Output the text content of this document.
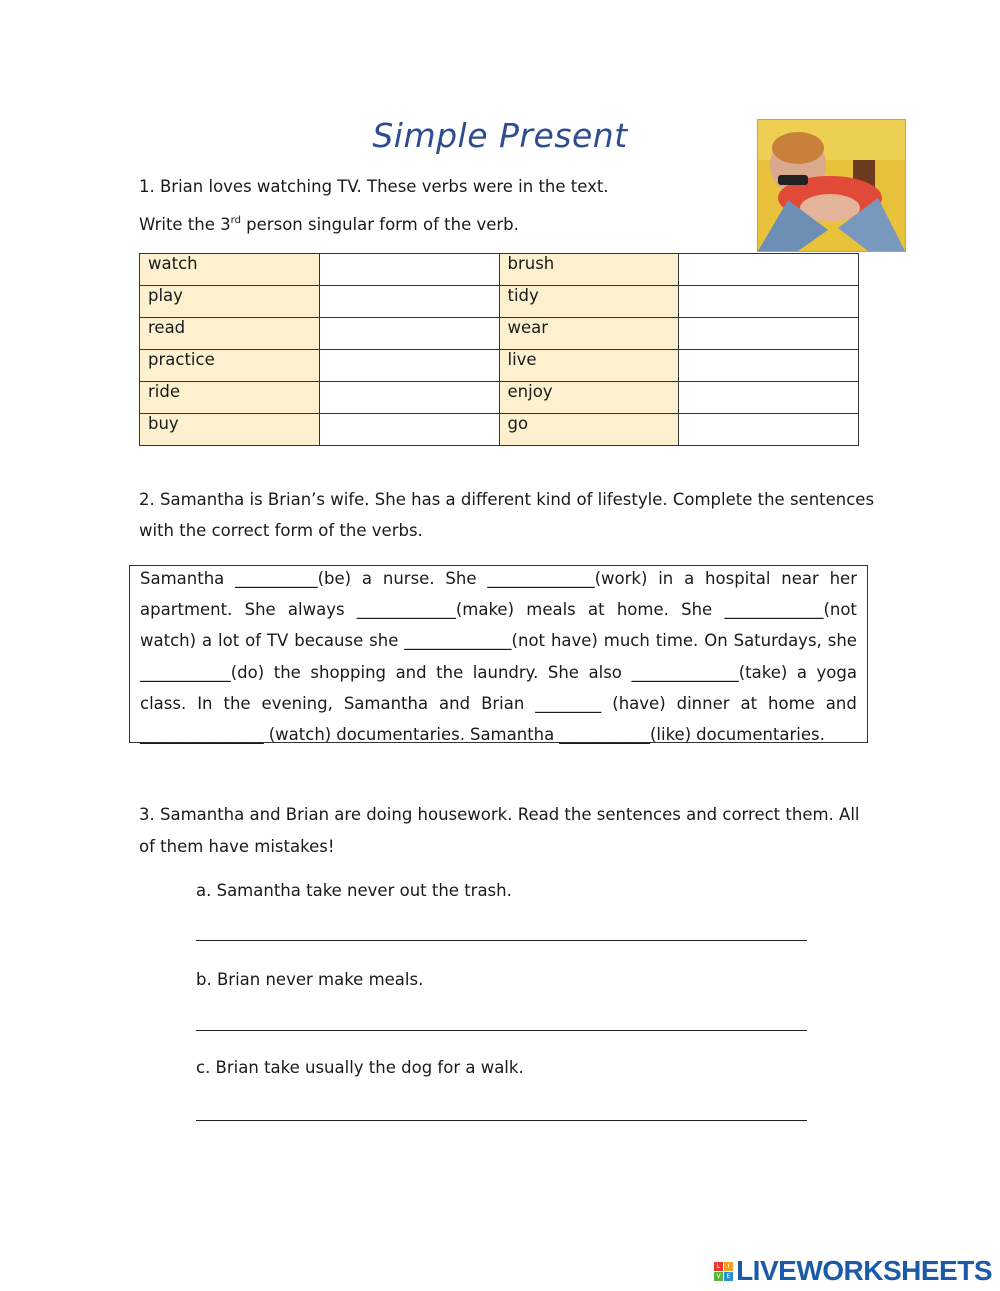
Simple Present
1. Brian loves watching TV. These verbs were in the text.
Write the 3rd person singular form of the verb.
watch		brush	
play		tidy	
read		wear	
practice		live	
ride		enjoy	
buy		go	
2. Samantha is Brian’s wife. She has a different kind of lifestyle. Complete the sentences
with the correct form of the verbs.
Samantha __________(be) a nurse. She _____________(work) in a hospital near her
apartment. She always ____________(make) meals at home. She ____________(not
watch) a lot of TV because she _____________(not have) much time. On Saturdays, she
___________(do) the shopping and the laundry. She also _____________(take) a yoga
class. In the evening, Samantha and Brian ________ (have) dinner at home and
_______________ (watch) documentaries. Samantha ___________(like) documentaries.
3. Samantha and Brian are doing housework. Read the sentences and correct them. All
of them have mistakes!
a. Samantha take never out the trash.
b. Brian never make meals.
c. Brian take usually the dog for a walk.
L	I
V	E LIVEWORKSHEETS
